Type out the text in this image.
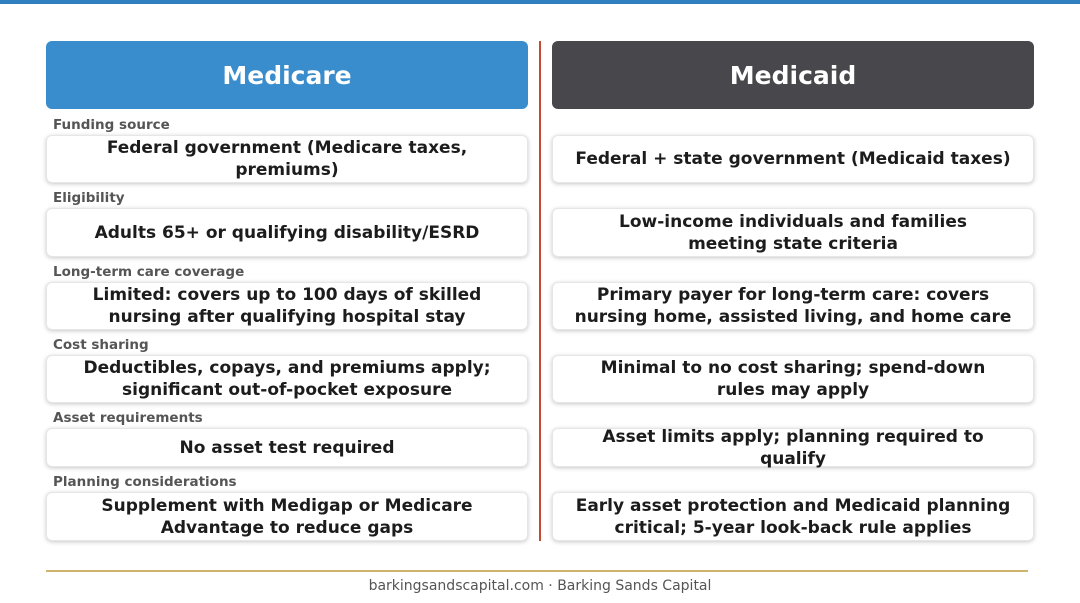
Medicare	Medicaid
Funding source
Federal government (Medicare taxes, premiums)
Federal + state government (Medicaid taxes)
Eligibility
Adults 65+ or qualifying disability/ESRD
Low-income individuals and families meeting state criteria
Long-term care coverage
Limited: covers up to 100 days of skilled nursing after qualifying hospital stay
Primary payer for long-term care: covers nursing home, assisted living, and home care
Cost sharing
Deductibles, copays, and premiums apply; significant out-of-pocket exposure
Minimal to no cost sharing; spend-down rules may apply
Asset requirements
No asset test required
Asset limits apply; planning required to qualify
Planning considerations
Supplement with Medigap or Medicare Advantage to reduce gaps
Early asset protection and Medicaid planning critical; 5-year look-back rule applies
barkingsandscapital.com · Barking Sands Capital
